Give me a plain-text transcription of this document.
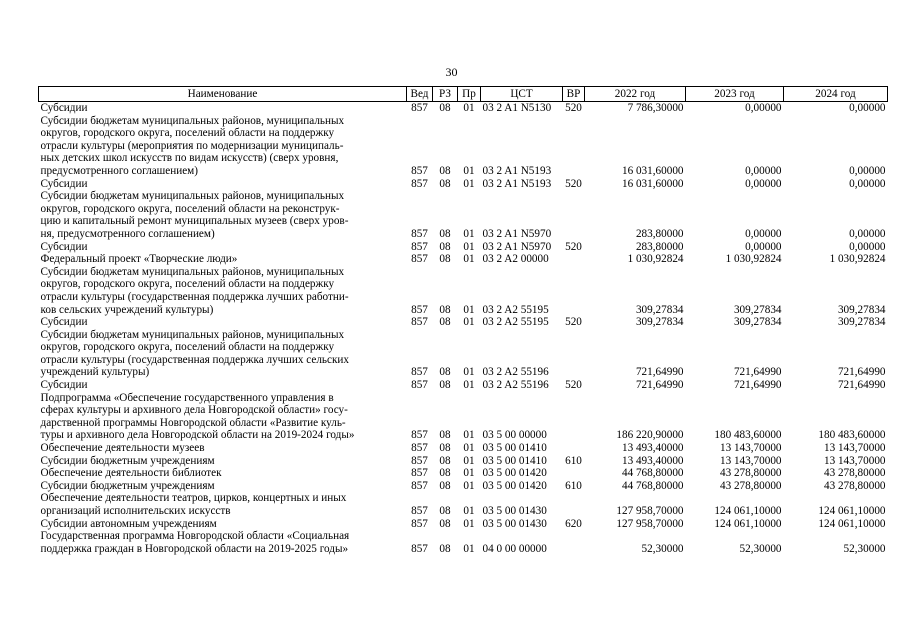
30
Наименование	Вед	РЗ	Пр	ЦСТ	ВР	2022 год	2023 год	2024 год

Субсидии	857	08	01	03 2 A1 N5130	520	7 786,30000	0,00000	0,00000

Субсидии бюджетам муниципальных районов, муниципальных
округов, городского округа, поселений области на поддержку
отрасли культуры (мероприятия по модернизации муниципаль-
ных детских школ искусств по видам искусств) (сверх уровня,
предусмотренного соглашением)	857	08	01	03 2 A1 N5193		16 031,60000	0,00000	0,00000

Субсидии	857	08	01	03 2 A1 N5193	520	16 031,60000	0,00000	0,00000

Субсидии бюджетам муниципальных районов, муниципальных
округов, городского округа, поселений области на реконструк-
цию и капитальный ремонт муниципальных музеев (сверх уров-
ня, предусмотренного соглашением)	857	08	01	03 2 A1 N5970		283,80000	0,00000	0,00000

Субсидии	857	08	01	03 2 A1 N5970	520	283,80000	0,00000	0,00000

Федеральный проект «Творческие люди»	857	08	01	03 2 A2 00000		1 030,92824	1 030,92824	1 030,92824

Субсидии бюджетам муниципальных районов, муниципальных
округов, городского округа, поселений области на поддержку
отрасли культуры (государственная поддержка лучших работни-
ков сельских учреждений культуры)	857	08	01	03 2 A2 55195		309,27834	309,27834	309,27834

Субсидии	857	08	01	03 2 A2 55195	520	309,27834	309,27834	309,27834

Субсидии бюджетам муниципальных районов, муниципальных
округов, городского округа, поселений области на поддержку
отрасли культуры (государственная поддержка лучших сельских
учреждений культуры)	857	08	01	03 2 A2 55196		721,64990	721,64990	721,64990

Субсидии	857	08	01	03 2 A2 55196	520	721,64990	721,64990	721,64990

Подпрограмма «Обеспечение государственного управления в
сферах культуры и архивного дела Новгородской области» госу-
дарственной программы Новгородской области «Развитие куль-
туры и архивного дела Новгородской области на 2019-2024 годы»	857	08	01	03 5 00 00000		186 220,90000	180 483,60000	180 483,60000

Обеспечение деятельности музеев	857	08	01	03 5 00 01410		13 493,40000	13 143,70000	13 143,70000

Субсидии бюджетным учреждениям	857	08	01	03 5 00 01410	610	13 493,40000	13 143,70000	13 143,70000

Обеспечение деятельности библиотек	857	08	01	03 5 00 01420		44 768,80000	43 278,80000	43 278,80000

Субсидии бюджетным учреждениям	857	08	01	03 5 00 01420	610	44 768,80000	43 278,80000	43 278,80000

Обеспечение деятельности театров, цирков, концертных и иных
организаций исполнительских искусств	857	08	01	03 5 00 01430		127 958,70000	124 061,10000	124 061,10000

Субсидии автономным учреждениям	857	08	01	03 5 00 01430	620	127 958,70000	124 061,10000	124 061,10000

Государственная программа Новгородской области «Социальная
поддержка граждан в Новгородской области на 2019-2025 годы»	857	08	01	04 0 00 00000		52,30000	52,30000	52,30000
